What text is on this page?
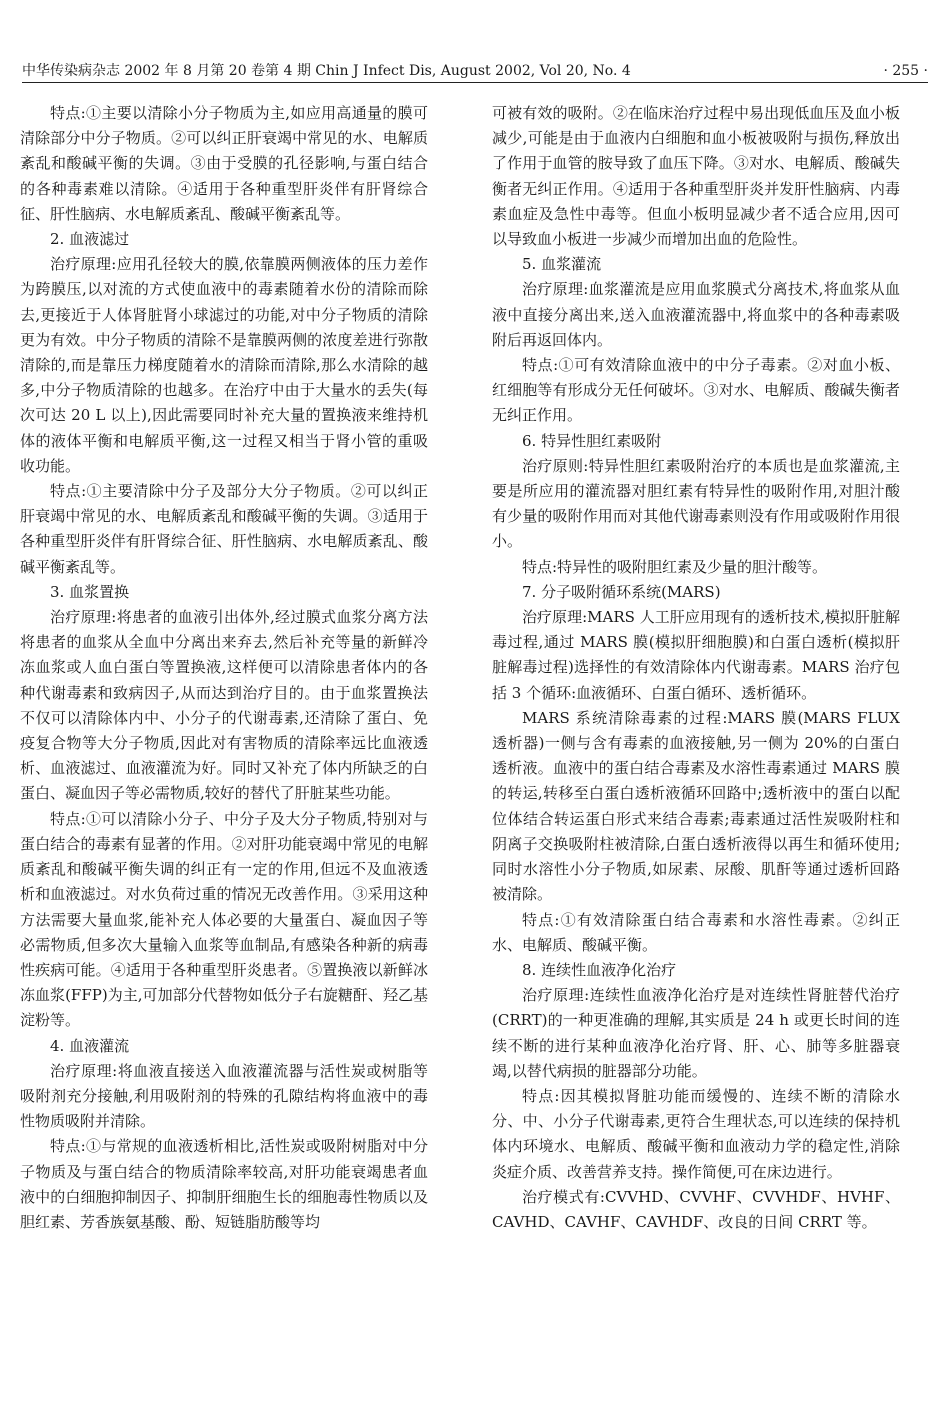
中华传染病杂志 2002 年 8 月第 20 卷第 4 期 Chin J Infect Dis, August 2002, Vol 20, No. 4	· 255 ·

特点:①主要以清除小分子物质为主,如应用高通量的膜可清除部分中分子物质。②可以纠正肝衰竭中常见的水、电解质紊乱和酸碱平衡的失调。③由于受膜的孔径影响,与蛋白结合的各种毒素难以清除。④适用于各种重型肝炎伴有肝肾综合征、肝性脑病、水电解质紊乱、酸碱平衡紊乱等。

2. 血液滤过

治疗原理:应用孔径较大的膜,依靠膜两侧液体的压力差作为跨膜压,以对流的方式使血液中的毒素随着水份的清除而除去,更接近于人体肾脏肾小球滤过的功能,对中分子物质的清除更为有效。中分子物质的清除不是靠膜两侧的浓度差进行弥散清除的,而是靠压力梯度随着水的清除而清除,那么水清除的越多,中分子物质清除的也越多。在治疗中由于大量水的丢失(每次可达 20 L 以上),因此需要同时补充大量的置换液来维持机体的液体平衡和电解质平衡,这一过程又相当于肾小管的重吸收功能。

特点:①主要清除中分子及部分大分子物质。②可以纠正肝衰竭中常见的水、电解质紊乱和酸碱平衡的失调。③适用于各种重型肝炎伴有肝肾综合征、肝性脑病、水电解质紊乱、酸碱平衡紊乱等。

3. 血浆置换

治疗原理:将患者的血液引出体外,经过膜式血浆分离方法将患者的血浆从全血中分离出来弃去,然后补充等量的新鲜冷冻血浆或人血白蛋白等置换液,这样便可以清除患者体内的各种代谢毒素和致病因子,从而达到治疗目的。由于血浆置换法不仅可以清除体内中、小分子的代谢毒素,还清除了蛋白、免疫复合物等大分子物质,因此对有害物质的清除率远比血液透析、血液滤过、血液灌流为好。同时又补充了体内所缺乏的白蛋白、凝血因子等必需物质,较好的替代了肝脏某些功能。

特点:①可以清除小分子、中分子及大分子物质,特别对与蛋白结合的毒素有显著的作用。②对肝功能衰竭中常见的电解质紊乱和酸碱平衡失调的纠正有一定的作用,但远不及血液透析和血液滤过。对水负荷过重的情况无改善作用。③采用这种方法需要大量血浆,能补充人体必要的大量蛋白、凝血因子等必需物质,但多次大量输入血浆等血制品,有感染各种新的病毒性疾病可能。④适用于各种重型肝炎患者。⑤置换液以新鲜冰冻血浆(FFP)为主,可加部分代替物如低分子右旋糖酐、羟乙基淀粉等。

4. 血液灌流

治疗原理:将血液直接送入血液灌流器与活性炭或树脂等吸附剂充分接触,利用吸附剂的特殊的孔隙结构将血液中的毒性物质吸附并清除。

特点:①与常规的血液透析相比,活性炭或吸附树脂对中分子物质及与蛋白结合的物质清除率较高,对肝功能衰竭患者血液中的白细胞抑制因子、抑制肝细胞生长的细胞毒性物质以及胆红素、芳香族氨基酸、酚、短链脂肪酸等均

可被有效的吸附。②在临床治疗过程中易出现低血压及血小板减少,可能是由于血液内白细胞和血小板被吸附与损伤,释放出了作用于血管的胺导致了血压下降。③对水、电解质、酸碱失衡者无纠正作用。④适用于各种重型肝炎并发肝性脑病、内毒素血症及急性中毒等。但血小板明显减少者不适合应用,因可以导致血小板进一步减少而增加出血的危险性。

5. 血浆灌流

治疗原理:血浆灌流是应用血浆膜式分离技术,将血浆从血液中直接分离出来,送入血液灌流器中,将血浆中的各种毒素吸附后再返回体内。

特点:①可有效清除血液中的中分子毒素。②对血小板、红细胞等有形成分无任何破坏。③对水、电解质、酸碱失衡者无纠正作用。

6. 特异性胆红素吸附

治疗原则:特异性胆红素吸附治疗的本质也是血浆灌流,主要是所应用的灌流器对胆红素有特异性的吸附作用,对胆汁酸有少量的吸附作用而对其他代谢毒素则没有作用或吸附作用很小。

特点:特异性的吸附胆红素及少量的胆汁酸等。

7. 分子吸附循环系统(MARS)

治疗原理:MARS 人工肝应用现有的透析技术,模拟肝脏解毒过程,通过 MARS 膜(模拟肝细胞膜)和白蛋白透析(模拟肝脏解毒过程)选择性的有效清除体内代谢毒素。MARS 治疗包括 3 个循环:血液循环、白蛋白循环、透析循环。

MARS 系统清除毒素的过程:MARS 膜(MARS FLUX 透析器)一侧与含有毒素的血液接触,另一侧为 20%的白蛋白透析液。血液中的蛋白结合毒素及水溶性毒素通过 MARS 膜的转运,转移至白蛋白透析液循环回路中;透析液中的蛋白以配位体结合转运蛋白形式来结合毒素;毒素通过活性炭吸附柱和阴离子交换吸附柱被清除,白蛋白透析液得以再生和循环使用;同时水溶性小分子物质,如尿素、尿酸、肌酐等通过透析回路被清除。

特点:①有效清除蛋白结合毒素和水溶性毒素。②纠正水、电解质、酸碱平衡。

8. 连续性血液净化治疗

治疗原理:连续性血液净化治疗是对连续性肾脏替代治疗(CRRT)的一种更准确的理解,其实质是 24 h 或更长时间的连续不断的进行某种血液净化治疗肾、肝、心、肺等多脏器衰竭,以替代病损的脏器部分功能。

特点:因其模拟肾脏功能而缓慢的、连续不断的清除水分、中、小分子代谢毒素,更符合生理状态,可以连续的保持机体内环境水、电解质、酸碱平衡和血液动力学的稳定性,消除炎症介质、改善营养支持。操作简便,可在床边进行。

治疗模式有:CVVHD、CVVHF、CVVHDF、HVHF、CAVHD、CAVHF、CAVHDF、改良的日间 CRRT 等。
